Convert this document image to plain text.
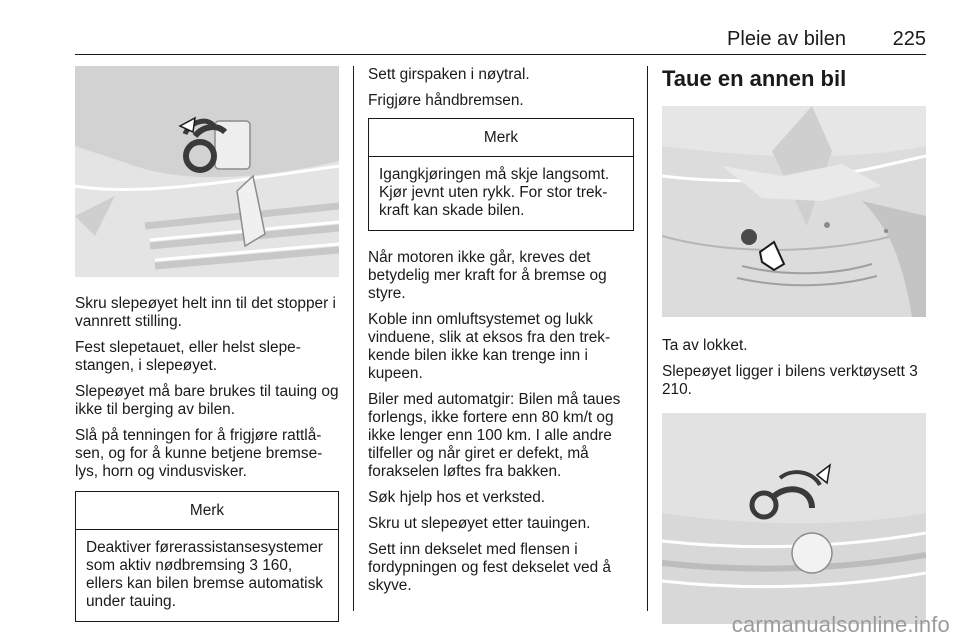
Pleie av bilen 225

Skru slepeøyet helt inn til det stopper i vannrett stilling.

Fest slepetauet, eller helst slepestangen, i slepeøyet.

Slepeøyet må bare brukes til tauing og ikke til berging av bilen.

Slå på tenningen for å frigjøre rattlåsen, og for å kunne betjene bremselys, horn og vindusvisker.

Merk
Deaktiver førerassistansesystemer som aktiv nødbremsing 3 160, ellers kan bilen bremse automatisk under tauing.

Sett girspaken i nøytral.

Frigjøre håndbremsen.

Merk
Igangkjøringen må skje langsomt. Kjør jevnt uten rykk. For stor trekkraft kan skade bilen.

Når motoren ikke går, kreves det betydelig mer kraft for å bremse og styre.

Koble inn omluftsystemet og lukk vinduene, slik at eksos fra den trekkende bilen ikke kan trenge inn i kupeen.

Biler med automatgir: Bilen må taues forlengs, ikke fortere enn 80 km/t og ikke lenger enn 100 km. I alle andre tilfeller og når giret er defekt, må forakselen løftes fra bakken.

Søk hjelp hos et verksted.

Skru ut slepeøyet etter tauingen.

Sett inn dekselet med flensen i fordypningen og fest dekselet ved å skyve.

Taue en annen bil

Ta av lokket.

Slepeøyet ligger i bilens verktøysett 3 210.

carmanualsonline.info
